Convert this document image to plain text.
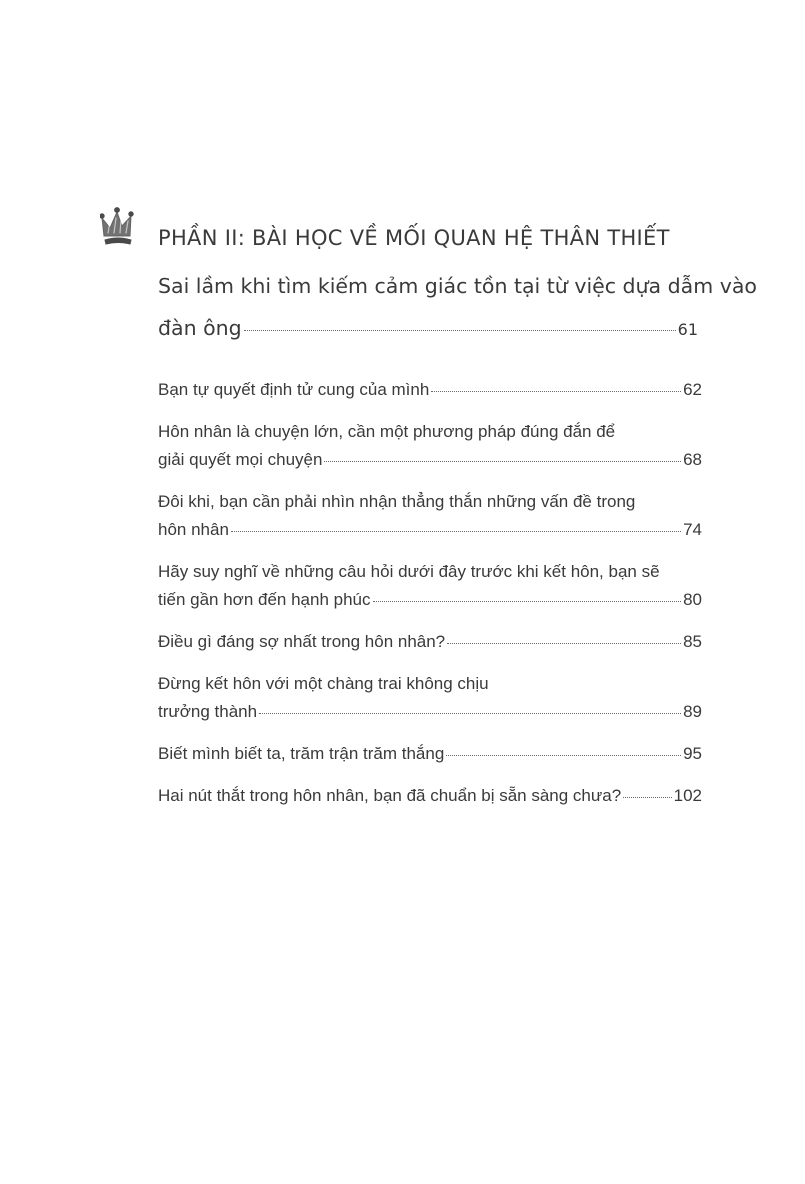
PHẦN II: BÀI HỌC VỀ MỐI QUAN HỆ THÂN THIẾT
Sai lầm khi tìm kiếm cảm giác tồn tại từ việc dựa dẫm vào
đàn ông	61
Bạn tự quyết định tử cung của mình	62
Hôn nhân là chuyện lớn, cần một phương pháp đúng đắn để
giải quyết mọi chuyện	68
Đôi khi, bạn cần phải nhìn nhận thẳng thắn những vấn đề trong
hôn nhân	74
Hãy suy nghĩ về những câu hỏi dưới đây trước khi kết hôn, bạn sẽ
tiến gần hơn đến hạnh phúc	80
Điều gì đáng sợ nhất trong hôn nhân?	85
Đừng kết hôn với một chàng trai không chịu
trưởng thành	89
Biết mình biết ta, trăm trận trăm thắng	95
Hai nút thắt trong hôn nhân, bạn đã chuẩn bị sẵn sàng chưa?	102
